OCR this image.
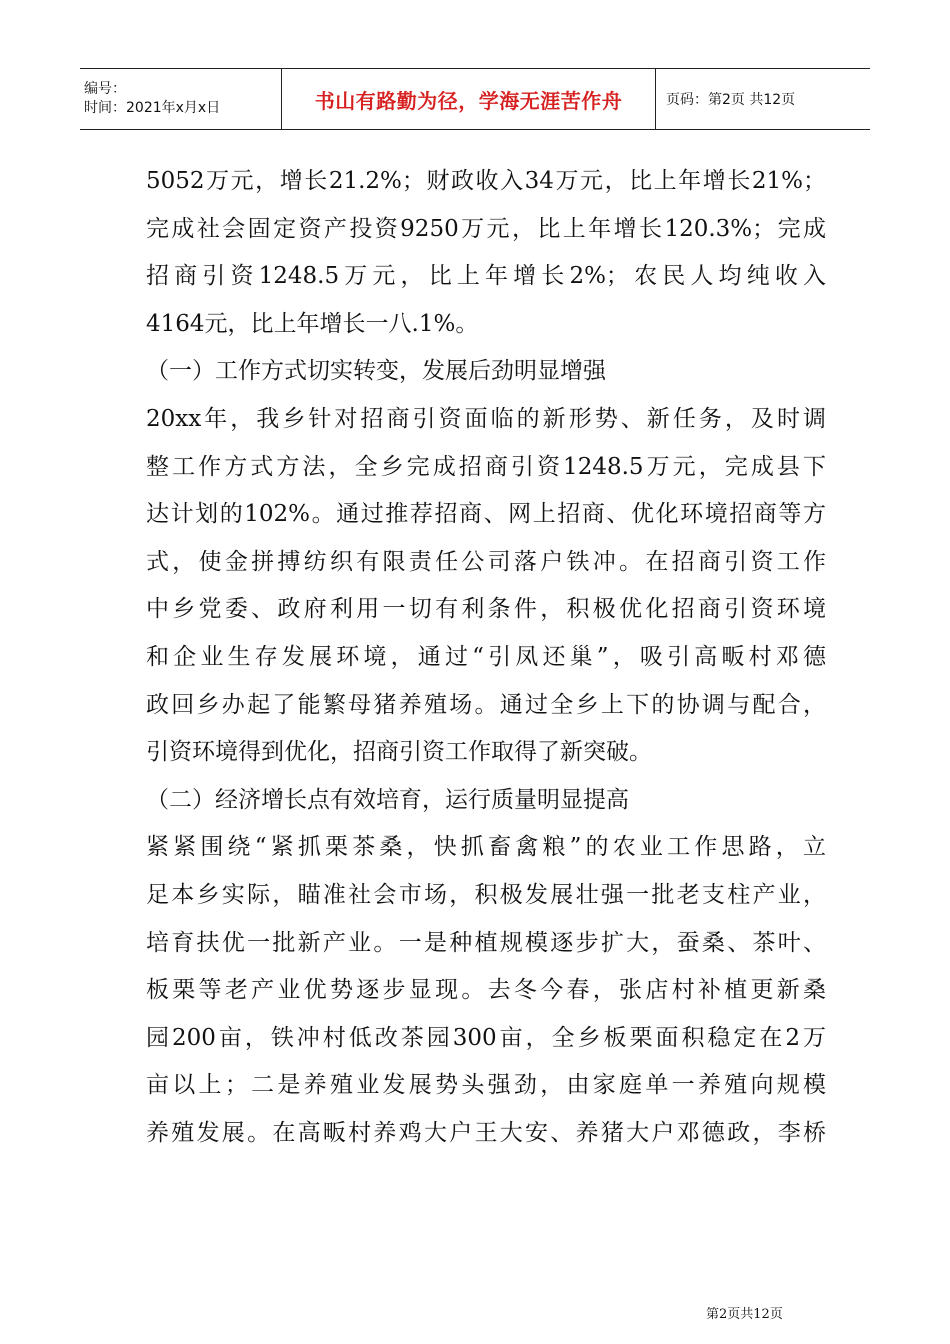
编号：
时间：2021年x月x日	书山有路勤为径，学海无涯苦作舟	页码：第2页 共12页
5052万元，增长21.2%；财政收入34万元，比上年增长21%；
完成社会固定资产投资9250万元，比上年增长120.3%；完成
招商引资1248.5万元，比上年增长2%；农民人均纯收入
4164元，比上年增长一八.1%。
（一）工作方式切实转变，发展后劲明显增强
20xx年，我乡针对招商引资面临的新形势、新任务，及时调
整工作方式方法，全乡完成招商引资1248.5万元，完成县下
达计划的102%。通过推荐招商、网上招商、优化环境招商等方
式，使金拼搏纺织有限责任公司落户铁冲。在招商引资工作
中乡党委、政府利用一切有利条件，积极优化招商引资环境
和企业生存发展环境，通过“引凤还巢”，吸引高畈村邓德
政回乡办起了能繁母猪养殖场。通过全乡上下的协调与配合，
引资环境得到优化，招商引资工作取得了新突破。
（二）经济增长点有效培育，运行质量明显提高
紧紧围绕“紧抓栗茶桑，快抓畜禽粮”的农业工作思路，立
足本乡实际，瞄准社会市场，积极发展壮强一批老支柱产业，
培育扶优一批新产业。一是种植规模逐步扩大，蚕桑、茶叶、
板栗等老产业优势逐步显现。去冬今春，张店村补植更新桑
园200亩，铁冲村低改茶园300亩，全乡板栗面积稳定在2万
亩以上；二是养殖业发展势头强劲，由家庭单一养殖向规模
养殖发展。在高畈村养鸡大户王大安、养猪大户邓德政，李桥
第2页共12页
